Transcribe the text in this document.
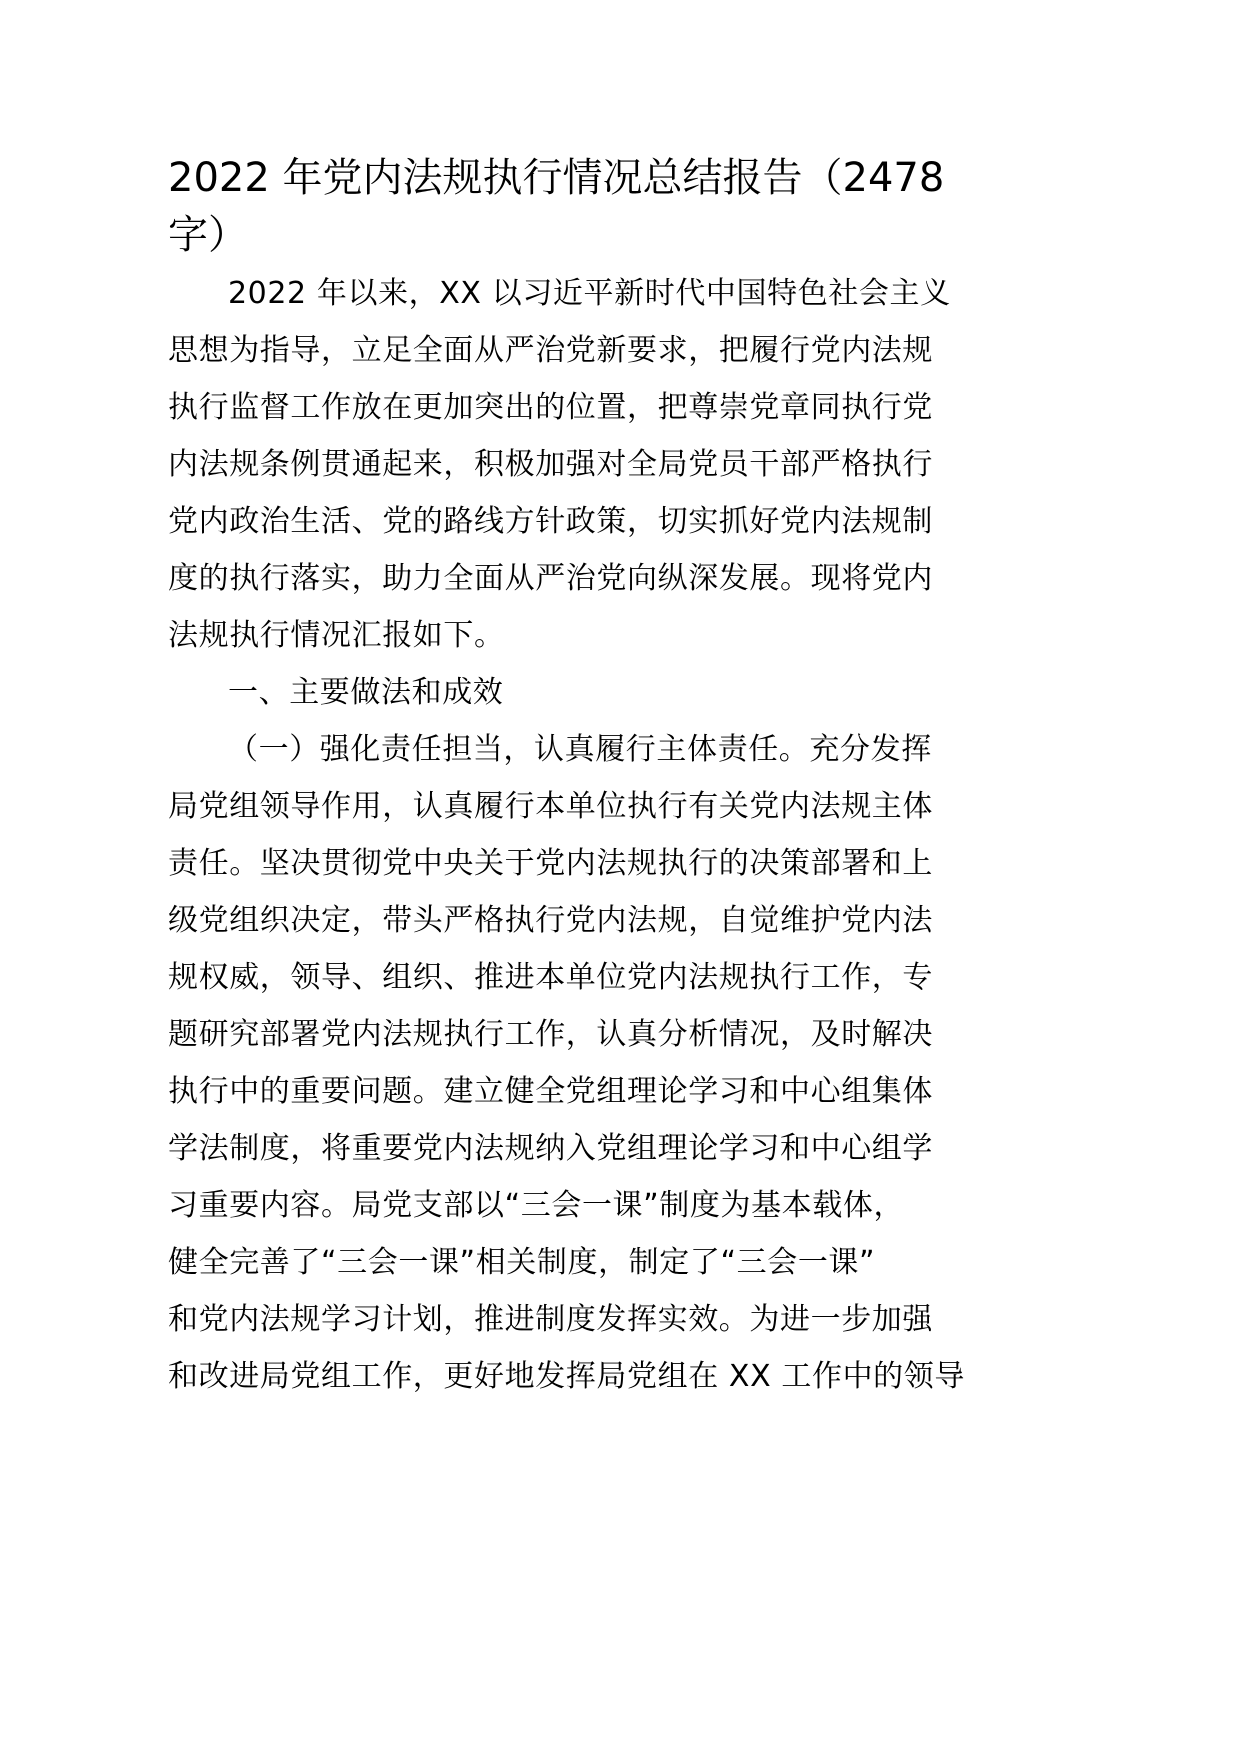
2022 年党内法规执行情况总结报告（2478
字）
2022 年以来，XX 以习近平新时代中国特色社会主义
思想为指导，立足全面从严治党新要求，把履行党内法规
执行监督工作放在更加突出的位置，把尊崇党章同执行党
内法规条例贯通起来，积极加强对全局党员干部严格执行
党内政治生活、党的路线方针政策，切实抓好党内法规制
度的执行落实，助力全面从严治党向纵深发展。现将党内
法规执行情况汇报如下。
一、主要做法和成效
（一）强化责任担当，认真履行主体责任。充分发挥
局党组领导作用，认真履行本单位执行有关党内法规主体
责任。坚决贯彻党中央关于党内法规执行的决策部署和上
级党组织决定，带头严格执行党内法规，自觉维护党内法
规权威，领导、组织、推进本单位党内法规执行工作，专
题研究部署党内法规执行工作，认真分析情况，及时解决
执行中的重要问题。建立健全党组理论学习和中心组集体
学法制度，将重要党内法规纳入党组理论学习和中心组学
习重要内容。局党支部以“三会一课”制度为基本载体，
健全完善了“三会一课”相关制度，制定了“三会一课”
和党内法规学习计划，推进制度发挥实效。为进一步加强
和改进局党组工作，更好地发挥局党组在 XX 工作中的领导
